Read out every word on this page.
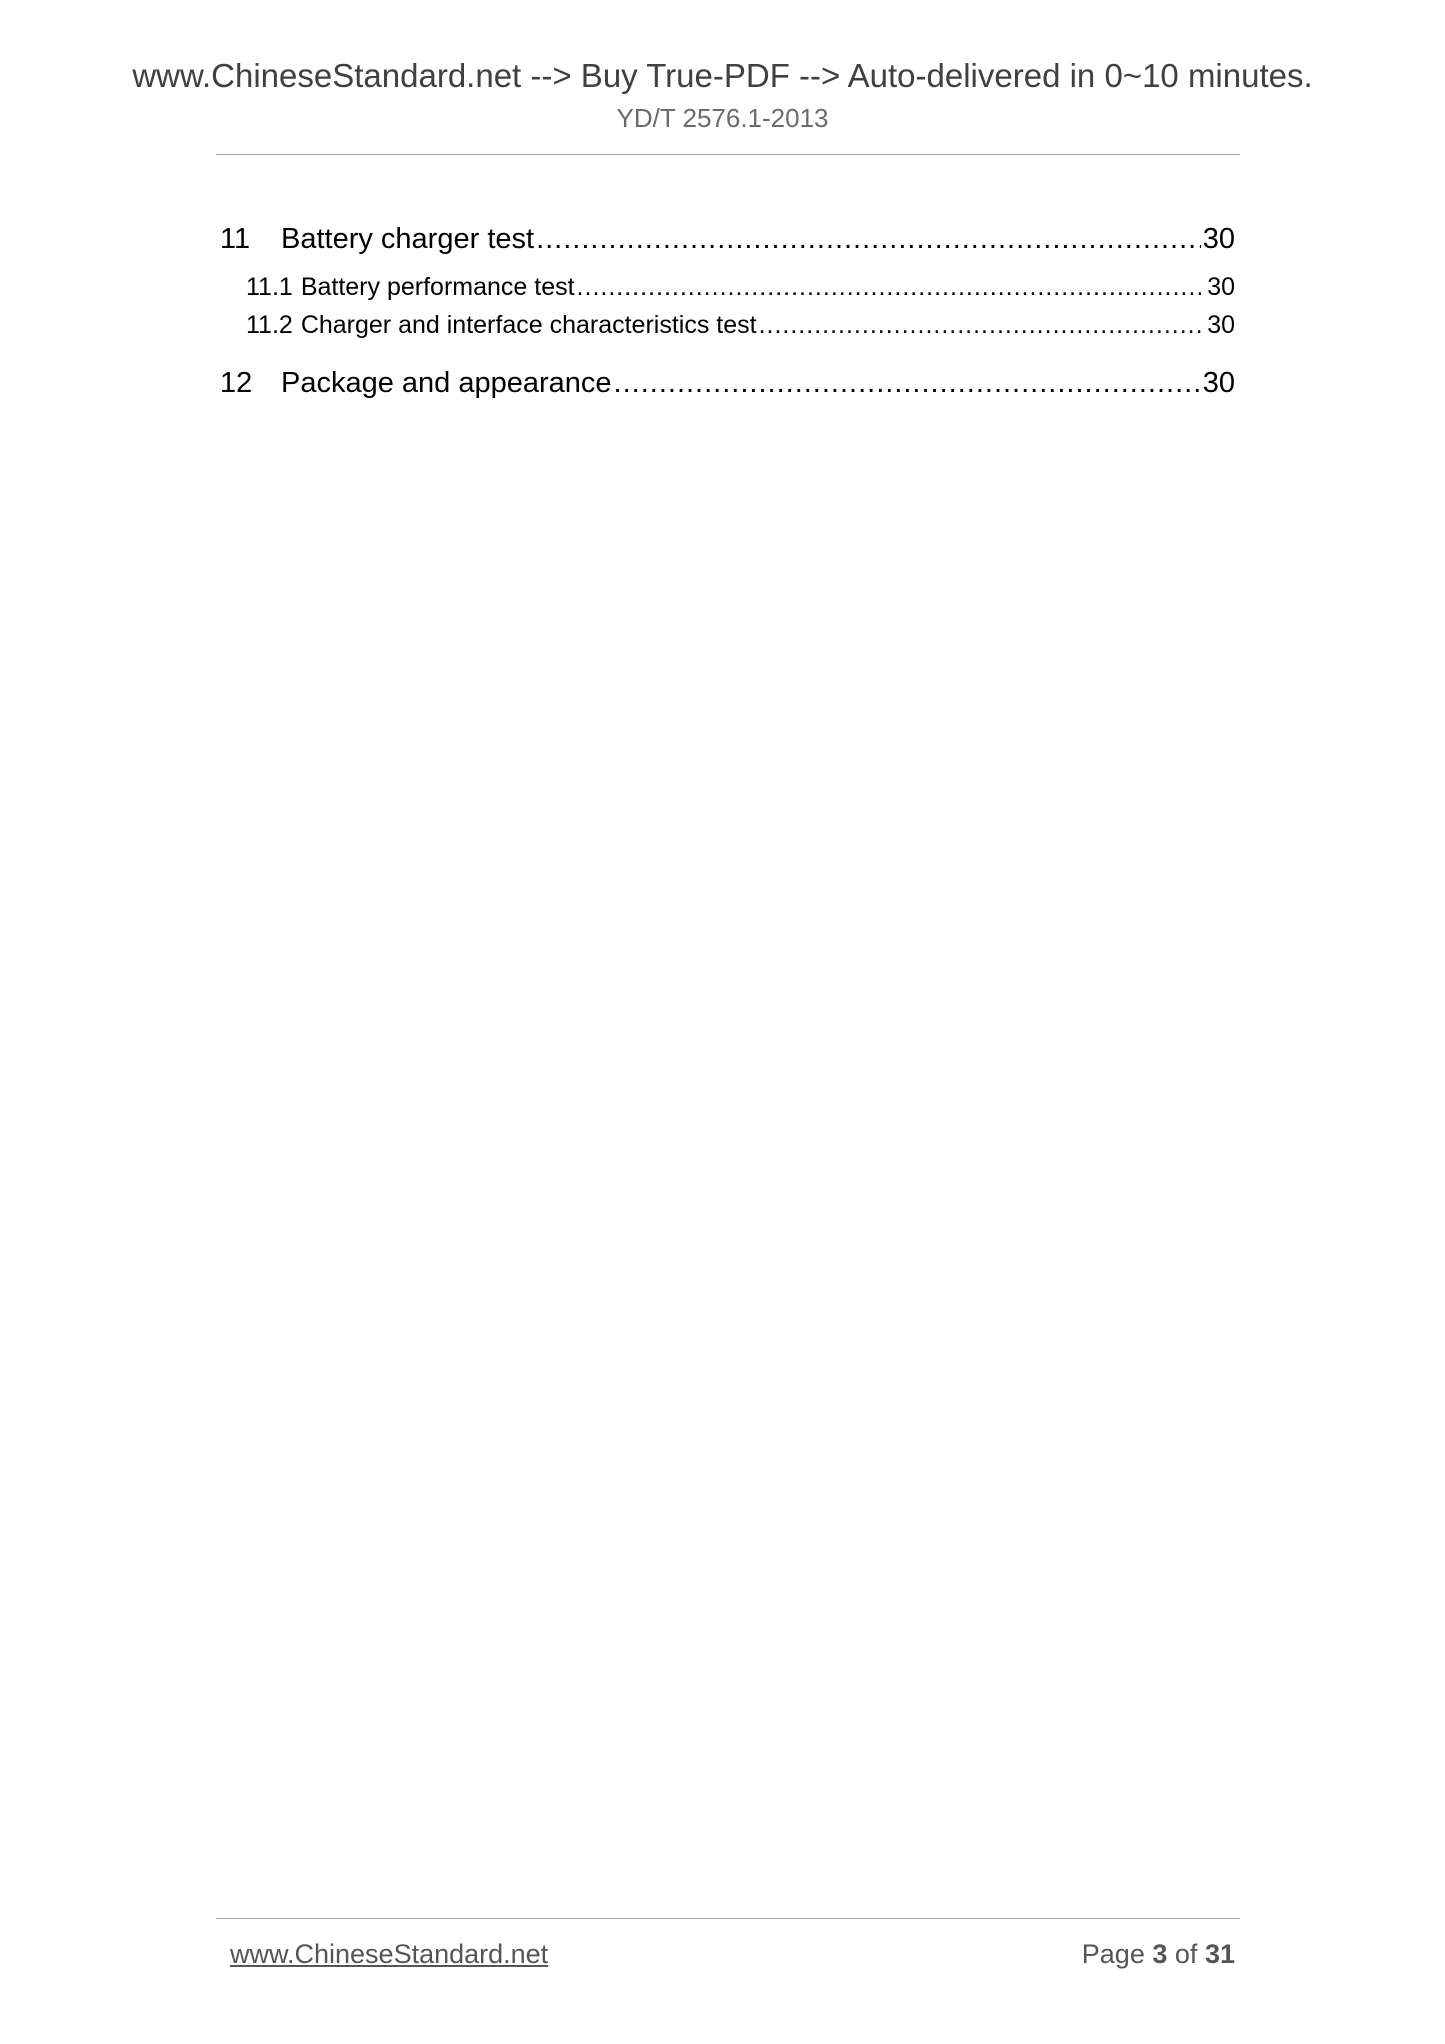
www.ChineseStandard.net --> Buy True-PDF --> Auto-delivered in 0~10 minutes.
YD/T 2576.1-2013
11	Battery charger test .....	30
11.1 Battery performance test .....	30
11.2 Charger and interface characteristics test .....	30
12 Package and appearance .....	30
www.ChineseStandard.net	Page 3 of 31
